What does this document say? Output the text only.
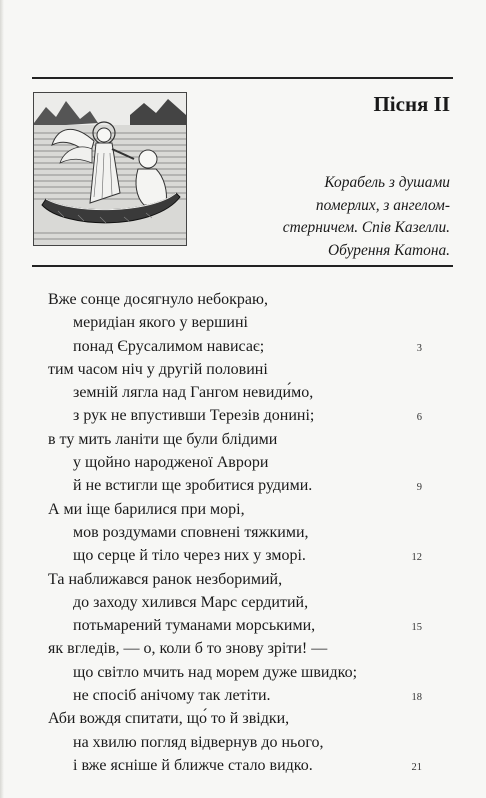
Пісня ІІ
Корабель з душами
померлих, з ангелом-
стерничем. Спів Казелли.
Обурення Катона.
Вже сонце досягнуло небокраю,
меридіан якого у вершині
понад Єрусалимом нависає;	3
тим часом ніч у другій половині
земній лягла над Гангом невиди́мо,
з рук не впустивши Терезів донині;	6
в ту мить ланіти ще були блідими
у щойно народженої Аврори
й не встигли ще зробитися рудими.	9
А ми іще барилися при морі,
мов роздумами сповнені тяжкими,
що серце й тіло через них у зморі.	12
Та наближався ранок незборимий,
до заходу хилився Марс сердитий,
потьмарений туманами морськими,	15
як вгледів, — о, коли б то знову зріти! —
що світло мчить над морем дуже швидко;
не спосіб анічому так летіти.	18
Аби вождя спитати, що́ то й звідки,
на хвилю погляд відвернув до нього,
і вже ясніше й ближче стало видко.	21
